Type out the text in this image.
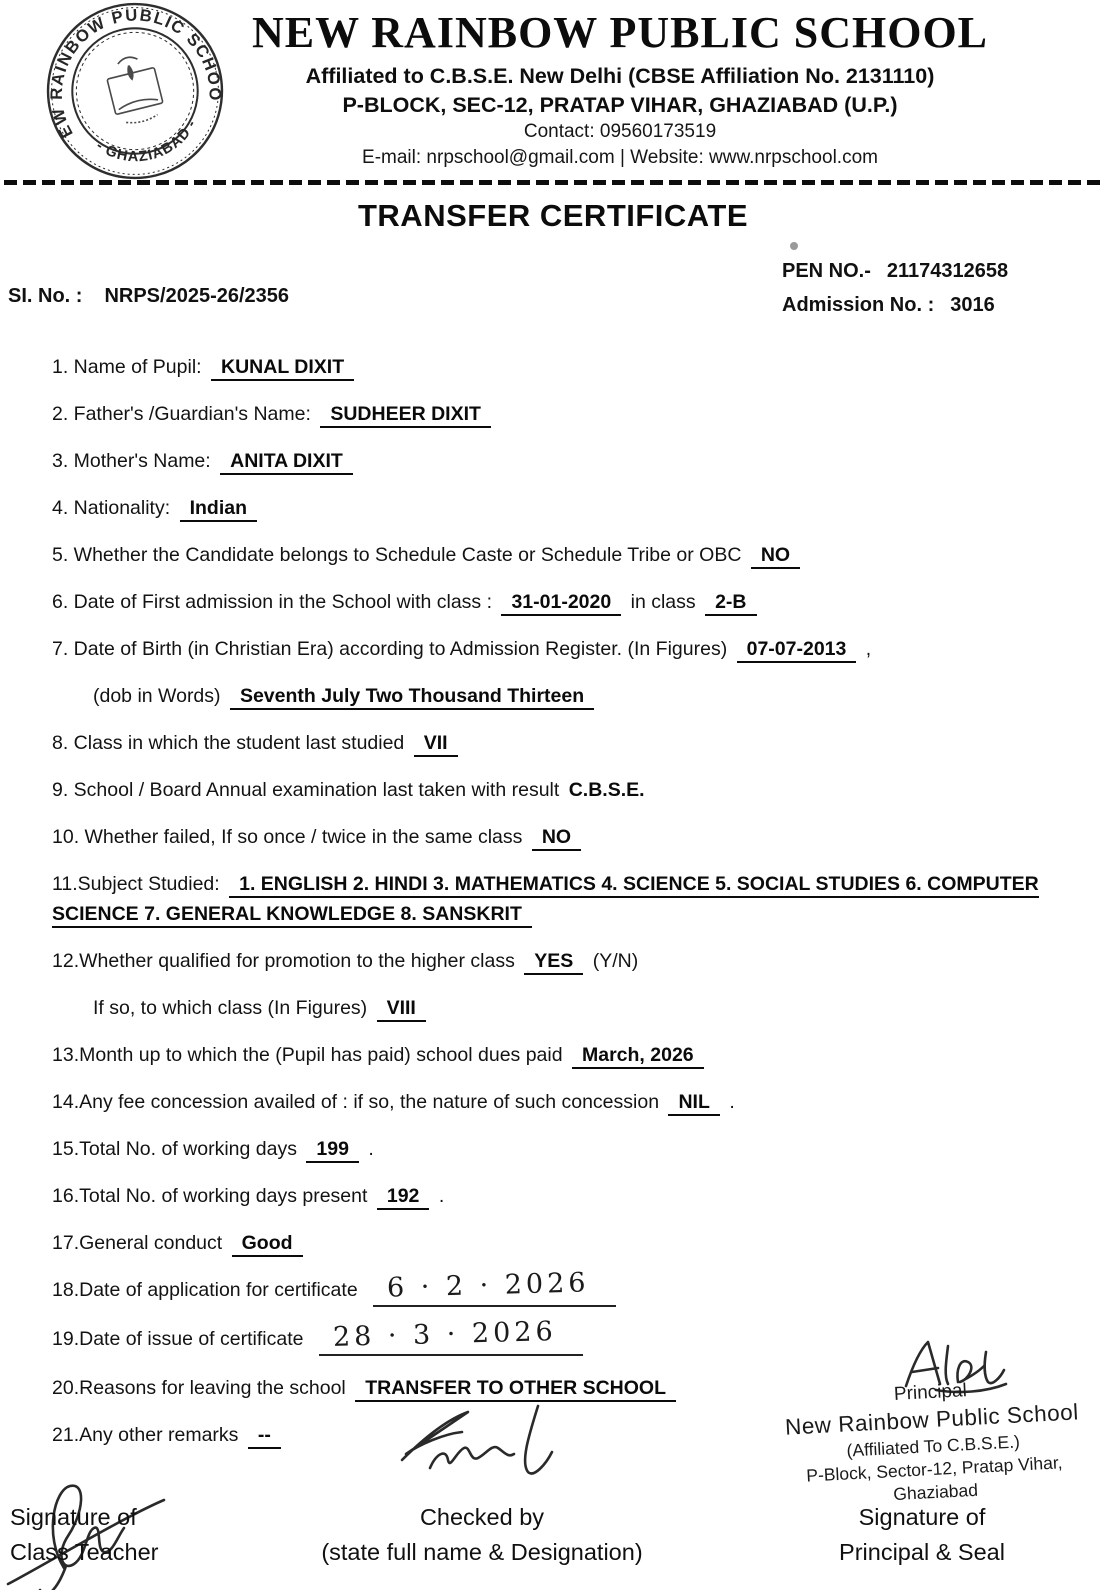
NEW RAINBOW PUBLIC SCHOOL
- GHAZIABAD -
NEW RAINBOW PUBLIC SCHOOL
Affiliated to C.B.S.E. New Delhi (CBSE Affiliation No. 2131110)
P-BLOCK, SEC-12, PRATAP VIHAR, GHAZIABAD (U.P.)
Contact: 09560173519
E-mail: nrpschool@gmail.com | Website: www.nrpschool.com
TRANSFER CERTIFICATE
PEN NO.- 21174312658
Admission No. : 3016
SI. No. : NRPS/2025-26/2356
1. Name of Pupil: KUNAL DIXIT
2. Father's /Guardian's Name: SUDHEER DIXIT
3. Mother's Name: ANITA DIXIT
4. Nationality: Indian
5. Whether the Candidate belongs to Schedule Caste or Schedule Tribe or OBC NO
6. Date of First admission in the School with class : 31-01-2020 in class 2-B
7. Date of Birth (in Christian Era) according to Admission Register. (In Figures) 07-07-2013 ,
(dob in Words) Seventh July Two Thousand Thirteen
8. Class in which the student last studied VII
9. School / Board Annual examination last taken with result C.B.S.E.
10. Whether failed, If so once / twice in the same class NO
11.Subject Studied: 1. ENGLISH 2. HINDI 3. MATHEMATICS 4. SCIENCE 5. SOCIAL STUDIES 6. COMPUTER SCIENCE 7. GENERAL KNOWLEDGE 8. SANSKRIT
12.Whether qualified for promotion to the higher class YES (Y/N)
If so, to which class (In Figures) VIII
13.Month up to which the (Pupil has paid) school dues paid March, 2026
14.Any fee concession availed of : if so, the nature of such concession NIL .
15.Total No. of working days 199 .
16.Total No. of working days present 192 .
17.General conduct Good
18.Date of application for certificate 6 · 2 · 2026
19.Date of issue of certificate 28 · 3 · 2026
20.Reasons for leaving the school TRANSFER TO OTHER SCHOOL
21.Any other remarks --
Principal
New Rainbow Public School
(Affiliated To C.B.S.E.)
P-Block, Sector-12, Pratap Vihar,
Ghaziabad
Signature of
Class Teacher
Checked by
(state full name & Designation)
Signature of
Principal & Seal
